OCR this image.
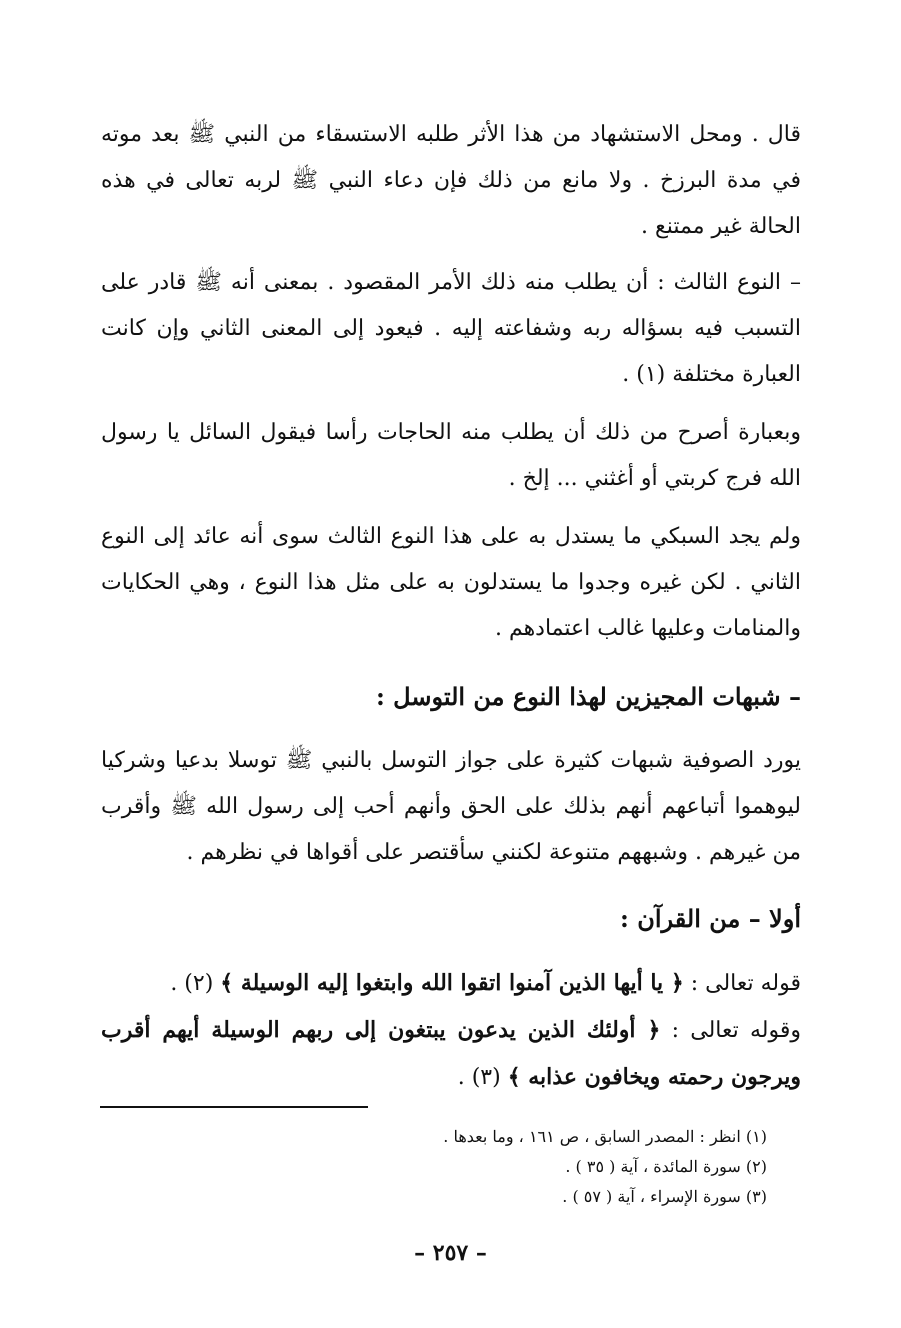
قال . ومحل الاستشهاد من هذا الأثر طلبه الاستسقاء من النبي ﷺ بعد موته في مدة البرزخ . ولا مانع من ذلك فإن دعاء النبي ﷺ لربه تعالى في هذه الحالة غير ممتنع .
– النوع الثالث : أن يطلب منه ذلك الأمر المقصود . بمعنى أنه ﷺ قادر على التسبب فيه بسؤاله ربه وشفاعته إليه . فيعود إلى المعنى الثاني وإن كانت العبارة مختلفة (١) .
وبعبارة أصرح من ذلك أن يطلب منه الحاجات رأسا فيقول السائل يا رسول الله فرج كربتي أو أغثني ... إلخ .
ولم يجد السبكي ما يستدل به على هذا النوع الثالث سوى أنه عائد إلى النوع الثاني . لكن غيره وجدوا ما يستدلون به على مثل هذا النوع ، وهي الحكايات والمنامات وعليها غالب اعتمادهم .
– شبهات المجيزين لهذا النوع من التوسل :
يورد الصوفية شبهات كثيرة على جواز التوسل بالنبي ﷺ توسلا بدعيا وشركيا ليوهموا أتباعهم أنهم بذلك على الحق وأنهم أحب إلى رسول الله ﷺ وأقرب من غيرهم . وشبههم متنوعة لكنني سأقتصر على أقواها في نظرهم .
أولا – من القرآن :
قوله تعالى : ﴿ يا أيها الذين آمنوا اتقوا الله وابتغوا إليه الوسيلة ﴾ (٢) .
وقوله تعالى : ﴿ أولئك الذين يدعون يبتغون إلى ربهم الوسيلة أيهم أقرب ويرجون رحمته ويخافون عذابه ﴾ (٣) .
(١) انظر : المصدر السابق ، ص ١٦١ ، وما بعدها .
(٢) سورة المائدة ، آية ( ٣٥ ) .
(٣) سورة الإسراء ، آية ( ٥٧ ) .
– ٢٥٧ –
